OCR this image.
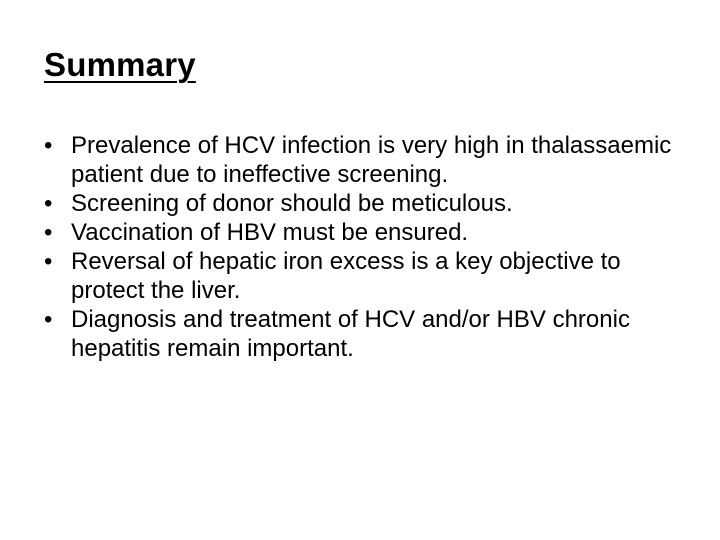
Summary
• Prevalence of HCV infection is very high in thalassaemic patient due to ineffective screening.
• Screening of donor should be meticulous.
• Vaccination of HBV must be ensured.
• Reversal of hepatic iron excess is a key objective to protect the liver.
• Diagnosis and treatment of HCV and/or HBV chronic hepatitis remain important.
